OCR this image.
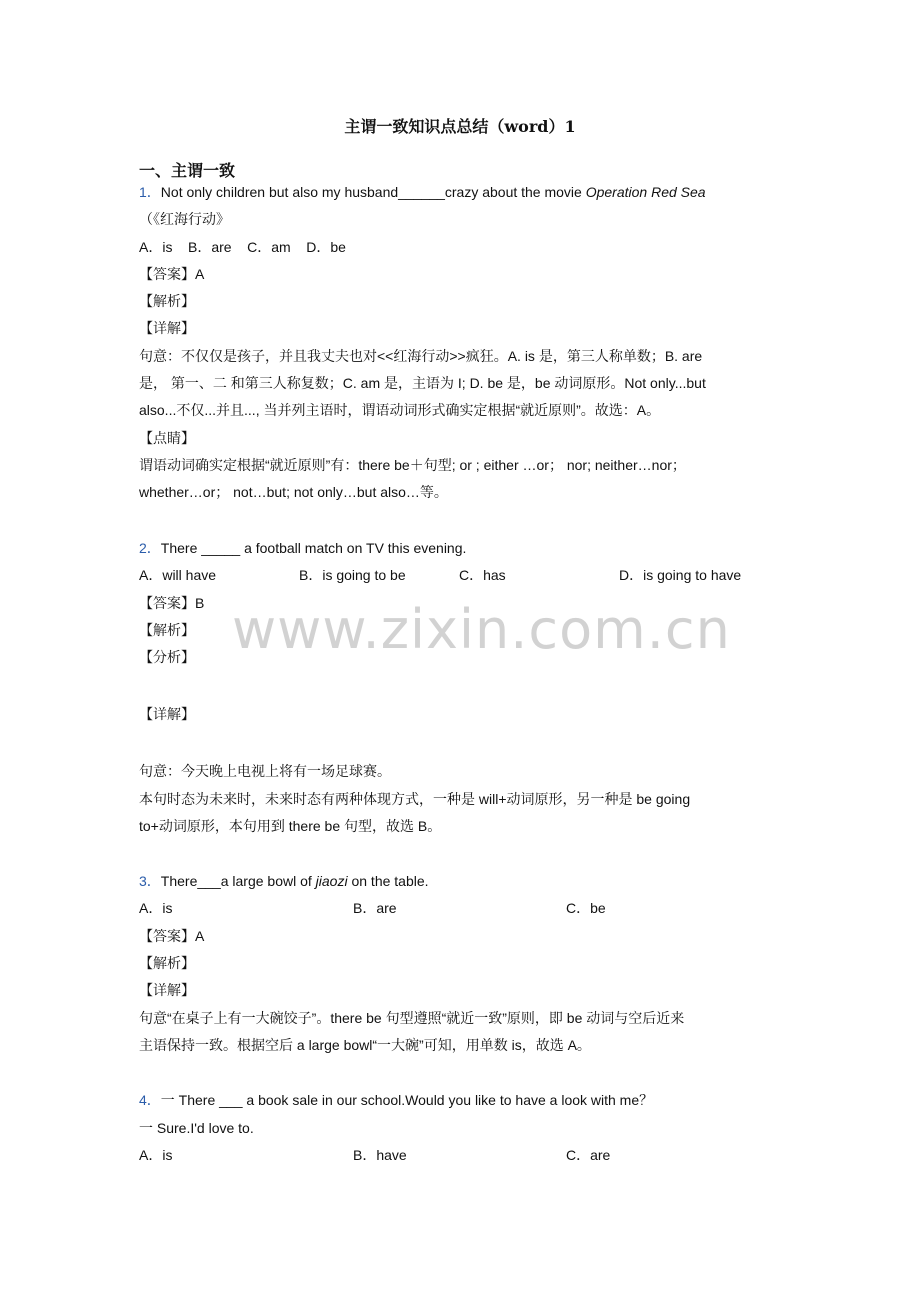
主谓一致知识点总结（word）1
一、主谓一致
1．Not only children but also my husband______crazy about the movie Operation Red Sea
（《红海行动》
A．is    B．are    C．am    D．be
【答案】A
【解析】
【详解】
句意：不仅仅是孩子，并且我丈夫也对<<红海行动>>疯狂。A. is 是，第三人称单数；B. are
是， 第一、二 和第三人称复数；C. am 是，主语为 I; D. be 是，be 动词原形。Not only...but
also...不仅...并且..., 当并列主语时，谓语动词形式确实定根据“就近原则”。故选：A。
【点睛】
谓语动词确实定根据“就近原则”有：there be＋句型; or ; either …or； nor; neither…nor；
whether…or； not…but; not only…but also…等。
2．There _____ a football match on TV this evening.
A．will have	B．is going to be	C．has	D．is going to have
【答案】B
【解析】
【分析】
【详解】
句意：今天晚上电视上将有一场足球赛。
本句时态为未来时，未来时态有两种体现方式，一种是 will+动词原形，另一种是 be going
to+动词原形，本句用到 there be 句型，故选 B。
3．There___a large bowl of jiaozi on the table.
A．is	B．are	C．be
【答案】A
【解析】
【详解】
句意“在桌子上有一大碗饺子”。there be 句型遵照“就近一致”原则，即 be 动词与空后近来
主语保持一致。根据空后 a large bowl“一大碗”可知，用单数 is，故选 A。
4．一 There ___ a book sale in our school.Would you like to have a look with me？
一 Sure.I'd love to.
A．is	B．have	C．are
www.zixin.com.cn
